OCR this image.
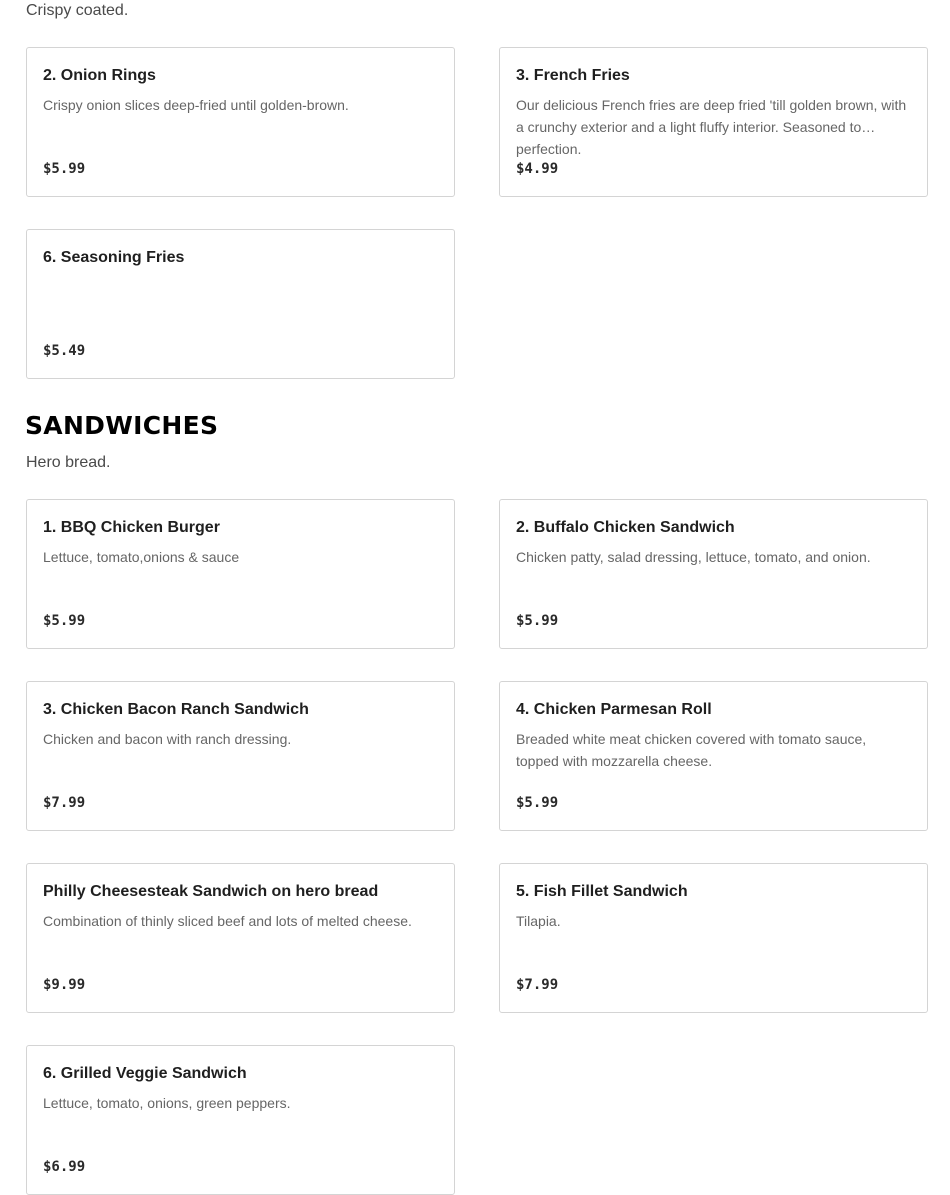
Crispy coated.
2. Onion Rings
Crispy onion slices deep-fried until golden-brown.
$5.99
3. French Fries
Our delicious French fries are deep fried 'till golden brown, with a crunchy exterior and a light fluffy interior. Seasoned to perfection.
$4.99
6. Seasoning Fries
$5.49
SANDWICHES
Hero bread.
1. BBQ Chicken Burger
Lettuce, tomato,onions & sauce
$5.99
2. Buffalo Chicken Sandwich
Chicken patty, salad dressing, lettuce, tomato, and onion.
$5.99
3. Chicken Bacon Ranch Sandwich
Chicken and bacon with ranch dressing.
$7.99
4. Chicken Parmesan Roll
Breaded white meat chicken covered with tomato sauce, topped with mozzarella cheese.
$5.99
Philly Cheesesteak Sandwich on hero bread
Combination of thinly sliced beef and lots of melted cheese.
$9.99
5. Fish Fillet Sandwich
Tilapia.
$7.99
6. Grilled Veggie Sandwich
Lettuce, tomato, onions, green peppers.
$6.99
